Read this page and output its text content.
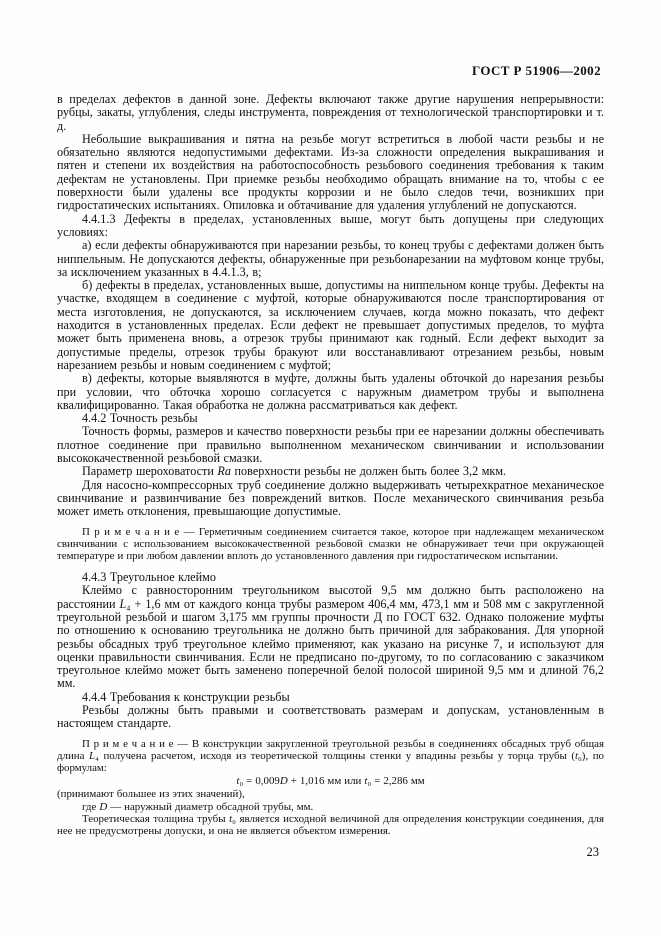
ГОСТ Р 51906—2002

в пределах дефектов в данной зоне. Дефекты включают также другие нарушения непрерывности: рубцы, закаты, углубления, следы инструмента, повреждения от технологической транспортировки и т. д.

Небольшие выкрашивания и пятна на резьбе могут встретиться в любой части резьбы и не обязательно являются недопустимыми дефектами. Из-за сложности определения выкрашивания и пятен и степени их воздействия на работоспособность резьбового соединения требования к таким дефектам не установлены. При приемке резьбы необходимо обращать внимание на то, чтобы с ее поверхности были удалены все продукты коррозии и не было следов течи, возникших при гидростатических испытаниях. Опиловка и обтачивание для удаления углублений не допускаются.

4.4.1.3 Дефекты в пределах, установленных выше, могут быть допущены при следующих условиях:

а) если дефекты обнаруживаются при нарезании резьбы, то конец трубы с дефектами должен быть ниппельным. Не допускаются дефекты, обнаруженные при резьбонарезании на муфтовом конце трубы, за исключением указанных в 4.4.1.3, в;

б) дефекты в пределах, установленных выше, допустимы на ниппельном конце трубы. Дефекты на участке, входящем в соединение с муфтой, которые обнаруживаются после транспортирования от места изготовления, не допускаются, за исключением случаев, когда можно показать, что дефект находится в установленных пределах. Если дефект не превышает допустимых пределов, то муфта может быть применена вновь, а отрезок трубы принимают как годный. Если дефект выходит за допустимые пределы, отрезок трубы бракуют или восстанавливают отрезанием резьбы, новым нарезанием резьбы и новым соединением с муфтой;

в) дефекты, которые выявляются в муфте, должны быть удалены обточкой до нарезания резьбы при условии, что обточка хорошо согласуется с наружным диаметром трубы и выполнена квалифицированно. Такая обработка не должна рассматриваться как дефект.

4.4.2 Точность резьбы

Точность формы, размеров и качество поверхности резьбы при ее нарезании должны обеспечивать плотное соединение при правильно выполненном механическом свинчивании и использовании высококачественной резьбовой смазки.

Параметр шероховатости Ra поверхности резьбы не должен быть более 3,2 мкм.

Для насосно-компрессорных труб соединение должно выдерживать четырехкратное механическое свинчивание и развинчивание без повреждений витков. После механического свинчивания резьба может иметь отклонения, превышающие допустимые.

П р и м е ч а н и е — Герметичным соединением считается такое, которое при надлежащем механическом свинчивании с использованием высококачественной резьбовой смазки не обнаруживает течи при окружающей температуре и при любом давлении вплоть до установленного давления при гидростатическом испытании.

4.4.3 Треугольное клеймо

Клеймо с равносторонним треугольником высотой 9,5 мм должно быть расположено на расстоянии L₄ + 1,6 мм от каждого конца трубы размером 406,4 мм, 473,1 мм и 508 мм с закругленной треугольной резьбой и шагом 3,175 мм группы прочности Д по ГОСТ 632. Однако положение муфты по отношению к основанию треугольника не должно быть причиной для забракования. Для упорной резьбы обсадных труб треугольное клеймо применяют, как указано на рисунке 7, и используют для оценки правильности свинчивания. Если не предписано по-другому, то по согласованию с заказчиком треугольное клеймо может быть заменено поперечной белой полосой шириной 9,5 мм и длиной 76,2 мм.

4.4.4 Требования к конструкции резьбы

Резьбы должны быть правыми и соответствовать размерам и допускам, установленным в настоящем стандарте.

П р и м е ч а н и е — В конструкции закругленной треугольной резьбы в соединениях обсадных труб общая длина L₄ получена расчетом, исходя из теоретической толщины стенки у впадины резьбы у торца трубы (t₀), по формулам:

t₀ = 0,009D + 1,016 мм или t₀ = 2,286 мм

(принимают большее из этих значений),

где D — наружный диаметр обсадной трубы, мм.

Теоретическая толщина трубы t₀ является исходной величиной для определения конструкции соединения, для нее не предусмотрены допуски, и она не является объектом измерения.

23
